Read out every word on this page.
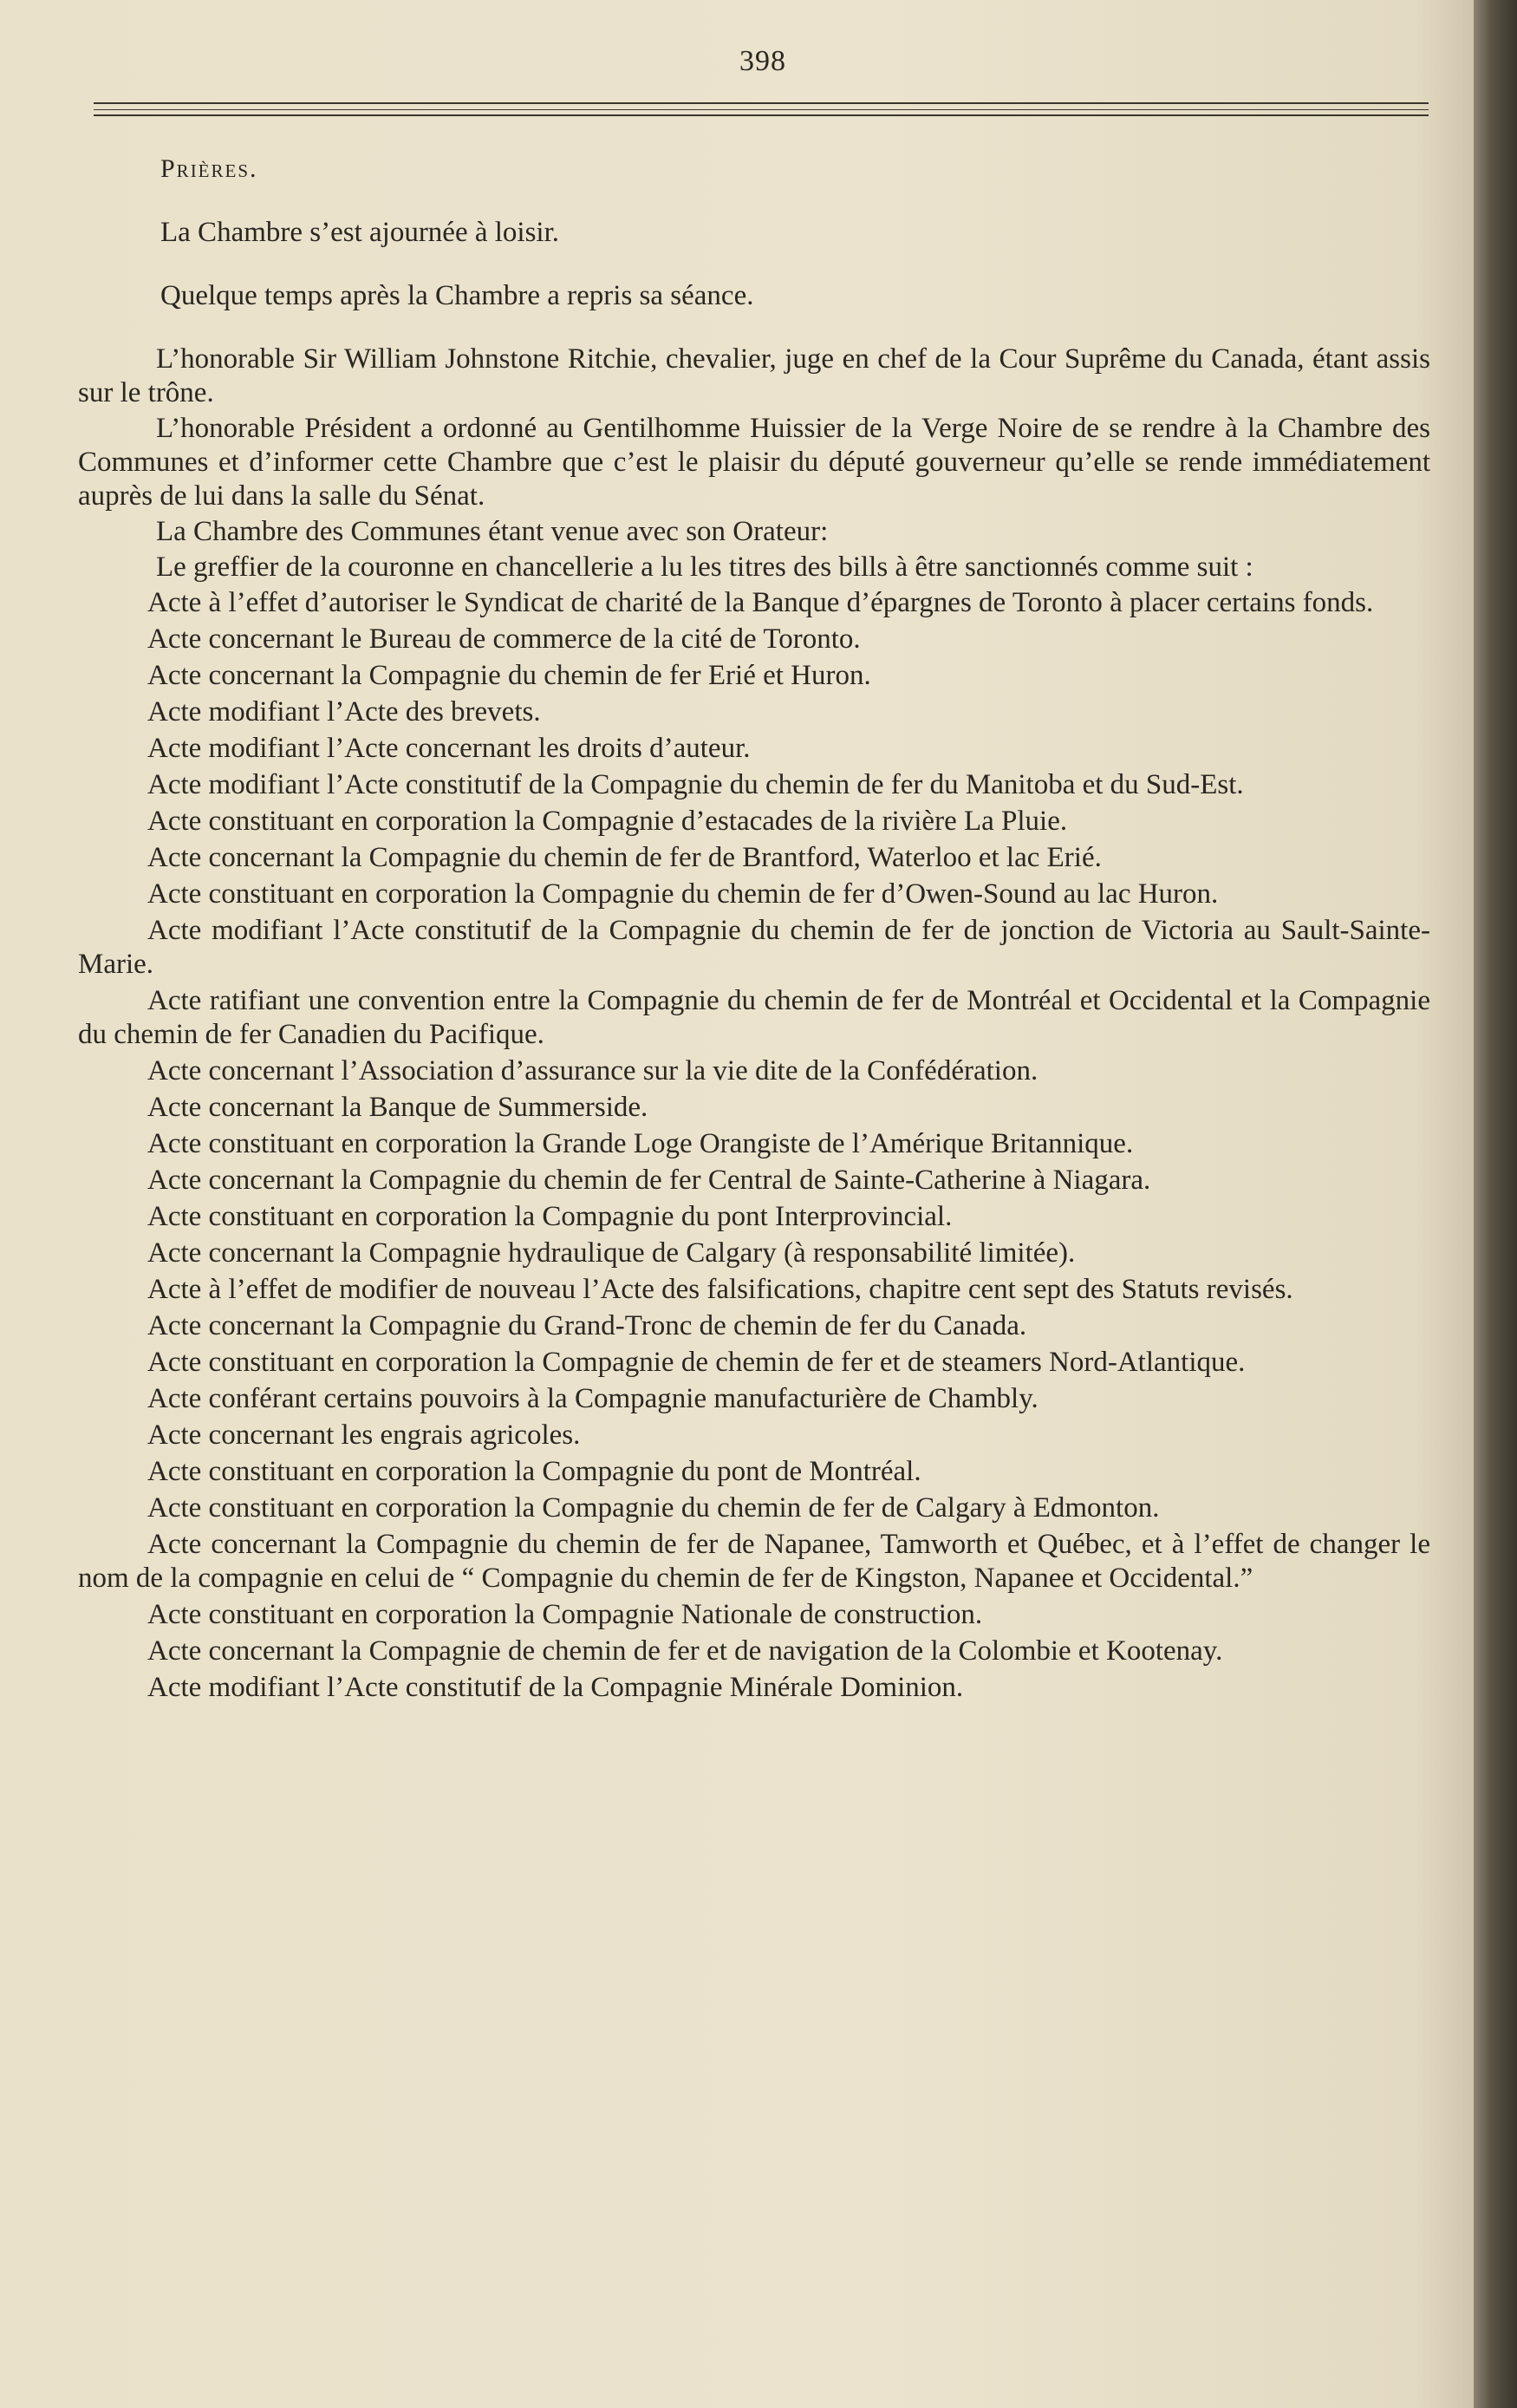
398

Prières.

La Chambre s’est ajournée à loisir.

Quelque temps après la Chambre a repris sa séance.

L’honorable Sir William Johnstone Ritchie, chevalier, juge en chef de la Cour Suprême du Canada, étant assis sur le trône.

L’honorable Président a ordonné au Gentilhomme Huissier de la Verge Noire de se rendre à la Chambre des Communes et d’informer cette Chambre que c’est le plaisir du député gouverneur qu’elle se rende immédiatement auprès de lui dans la salle du Sénat.

La Chambre des Communes étant venue avec son Orateur:

Le greffier de la couronne en chancellerie a lu les titres des bills à être sanctionnés comme suit :

Acte à l’effet d’autoriser le Syndicat de charité de la Banque d’épargnes de Toronto à placer certains fonds.

Acte concernant le Bureau de commerce de la cité de Toronto.

Acte concernant la Compagnie du chemin de fer Erié et Huron.

Acte modifiant l’Acte des brevets.

Acte modifiant l’Acte concernant les droits d’auteur.

Acte modifiant l’Acte constitutif de la Compagnie du chemin de fer du Manitoba et du Sud-Est.

Acte constituant en corporation la Compagnie d’estacades de la rivière La Pluie.

Acte concernant la Compagnie du chemin de fer de Brantford, Waterloo et lac Erié.

Acte constituant en corporation la Compagnie du chemin de fer d’Owen-Sound au lac Huron.

Acte modifiant l’Acte constitutif de la Compagnie du chemin de fer de jonction de Victoria au Sault-Sainte-Marie.

Acte ratifiant une convention entre la Compagnie du chemin de fer de Montréal et Occidental et la Compagnie du chemin de fer Canadien du Pacifique.

Acte concernant l’Association d’assurance sur la vie dite de la Confédération.

Acte concernant la Banque de Summerside.

Acte constituant en corporation la Grande Loge Orangiste de l’Amérique Britannique.

Acte concernant la Compagnie du chemin de fer Central de Sainte-Catherine à Niagara.

Acte constituant en corporation la Compagnie du pont Interprovincial.

Acte concernant la Compagnie hydraulique de Calgary (à responsabilité limitée).

Acte à l’effet de modifier de nouveau l’Acte des falsifications, chapitre cent sept des Statuts revisés.

Acte concernant la Compagnie du Grand-Tronc de chemin de fer du Canada.

Acte constituant en corporation la Compagnie de chemin de fer et de steamers Nord-Atlantique.

Acte conférant certains pouvoirs à la Compagnie manufacturière de Chambly.

Acte concernant les engrais agricoles.

Acte constituant en corporation la Compagnie du pont de Montréal.

Acte constituant en corporation la Compagnie du chemin de fer de Calgary à Edmonton.

Acte concernant la Compagnie du chemin de fer de Napanee, Tamworth et Québec, et à l’effet de changer le nom de la compagnie en celui de “ Compagnie du chemin de fer de Kingston, Napanee et Occidental.”

Acte constituant en corporation la Compagnie Nationale de construction.

Acte concernant la Compagnie de chemin de fer et de navigation de la Colombie et Kootenay.

Acte modifiant l’Acte constitutif de la Compagnie Minérale Dominion.
